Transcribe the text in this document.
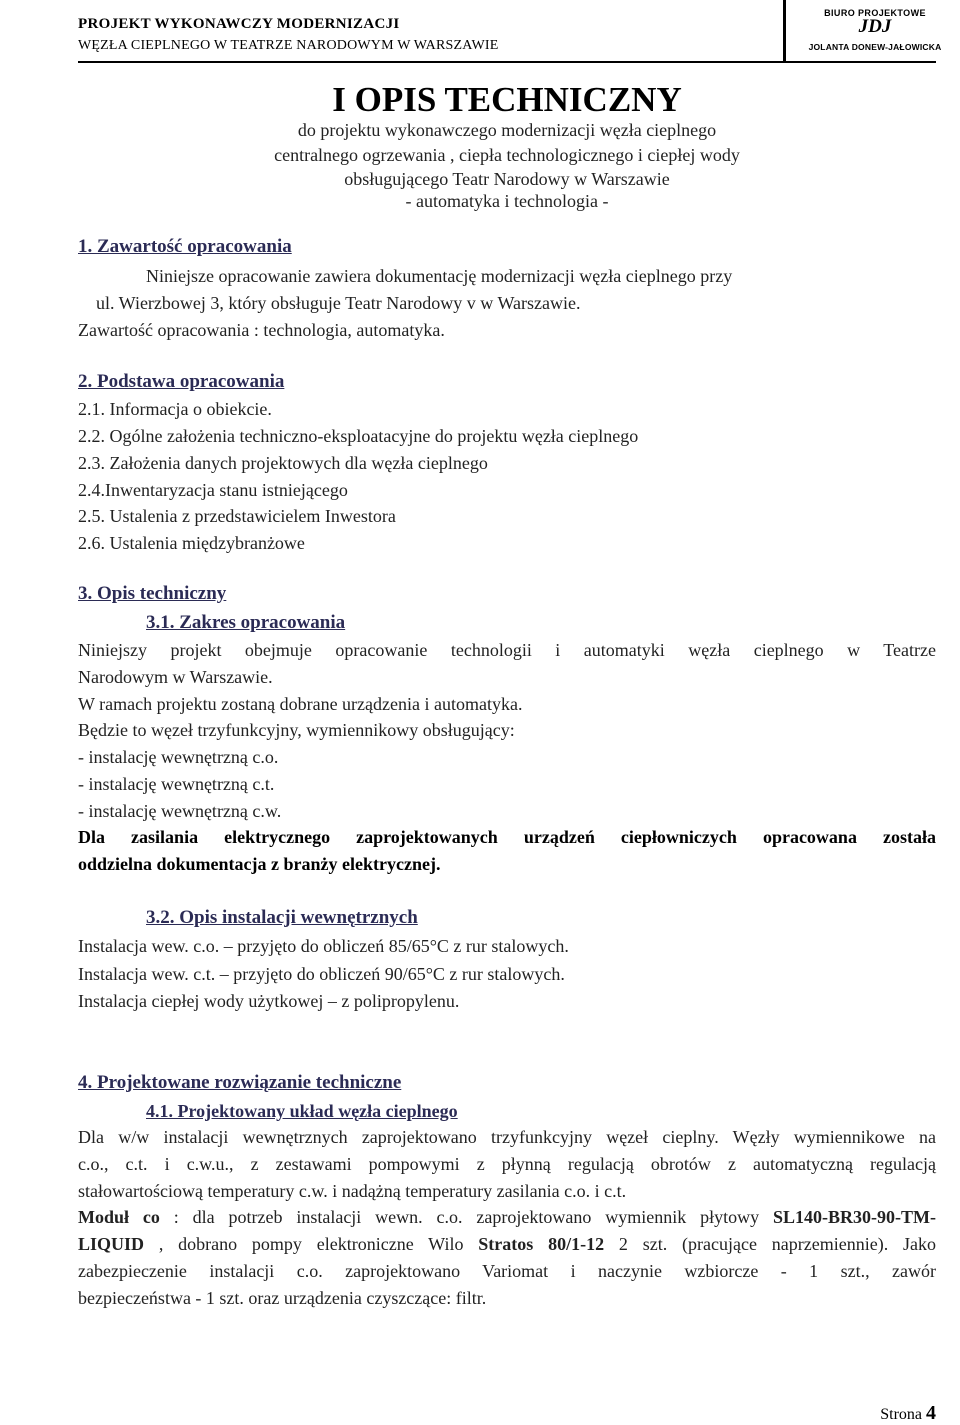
PROJEKT WYKONAWCZY MODERNIZACJI
WĘZŁA CIEPLNEGO W TEATRZE NARODOWYM W WARSZAWIE
BIURO PROJEKTOWE
JDJ
JOLANTA DONEW-JAŁOWICKA
I OPIS TECHNICZNY
do projektu wykonawczego modernizacji węzła cieplnego
centralnego ogrzewania , ciepła technologicznego i ciepłej wody
obsługującego Teatr Narodowy w Warszawie
- automatyka i technologia -
1. Zawartość opracowania
Niniejsze opracowanie zawiera dokumentację modernizacji węzła cieplnego przy
ul. Wierzbowej 3, który obsługuje Teatr Narodowy v w Warszawie.
Zawartość opracowania : technologia, automatyka.
2. Podstawa opracowania
2.1. Informacja o obiekcie.
2.2. Ogólne założenia techniczno-eksploatacyjne do projektu węzła cieplnego
2.3. Założenia danych projektowych dla węzła cieplnego
2.4.Inwentaryzacja stanu istniejącego
2.5. Ustalenia z przedstawicielem Inwestora
2.6. Ustalenia międzybranżowe
3. Opis techniczny
3.1. Zakres opracowania
Niniejszy projekt obejmuje opracowanie technologii i automatyki węzła cieplnego w Teatrze
Narodowym w Warszawie.
W ramach projektu zostaną dobrane urządzenia i automatyka.
Będzie to węzeł trzyfunkcyjny, wymiennikowy obsługujący:
- instalację wewnętrzną c.o.
- instalację wewnętrzną c.t.
- instalację wewnętrzną c.w.
Dla zasilania elektrycznego zaprojektowanych urządzeń ciepłowniczych opracowana została
oddzielna dokumentacja z branży elektrycznej.
3.2. Opis instalacji wewnętrznych
Instalacja wew. c.o. – przyjęto do obliczeń 85/65°C z rur stalowych.
Instalacja wew. c.t. – przyjęto do obliczeń 90/65°C z rur stalowych.
Instalacja ciepłej wody użytkowej – z polipropylenu.
4. Projektowane rozwiązanie techniczne
4.1. Projektowany układ węzła cieplnego
Dla w/w instalacji wewnętrznych zaprojektowano trzyfunkcyjny węzeł cieplny. Węzły wymiennikowe na
c.o., c.t. i c.w.u., z zestawami pompowymi z płynną regulacją obrotów z automatyczną regulacją
stałowartościową temperatury c.w. i nadążną temperatury zasilania c.o. i c.t.
Moduł co : dla potrzeb instalacji wewn. c.o. zaprojektowano wymiennik płytowy SL140-BR30-90-TM-
LIQUID , dobrano pompy elektroniczne Wilo Stratos 80/1-12 2 szt. (pracujące naprzemiennie). Jako
zabezpieczenie instalacji c.o. zaprojektowano Variomat i naczynie wzbiorcze - 1 szt., zawór
bezpieczeństwa - 1 szt. oraz urządzenia czyszczące: filtr.
Strona 4
